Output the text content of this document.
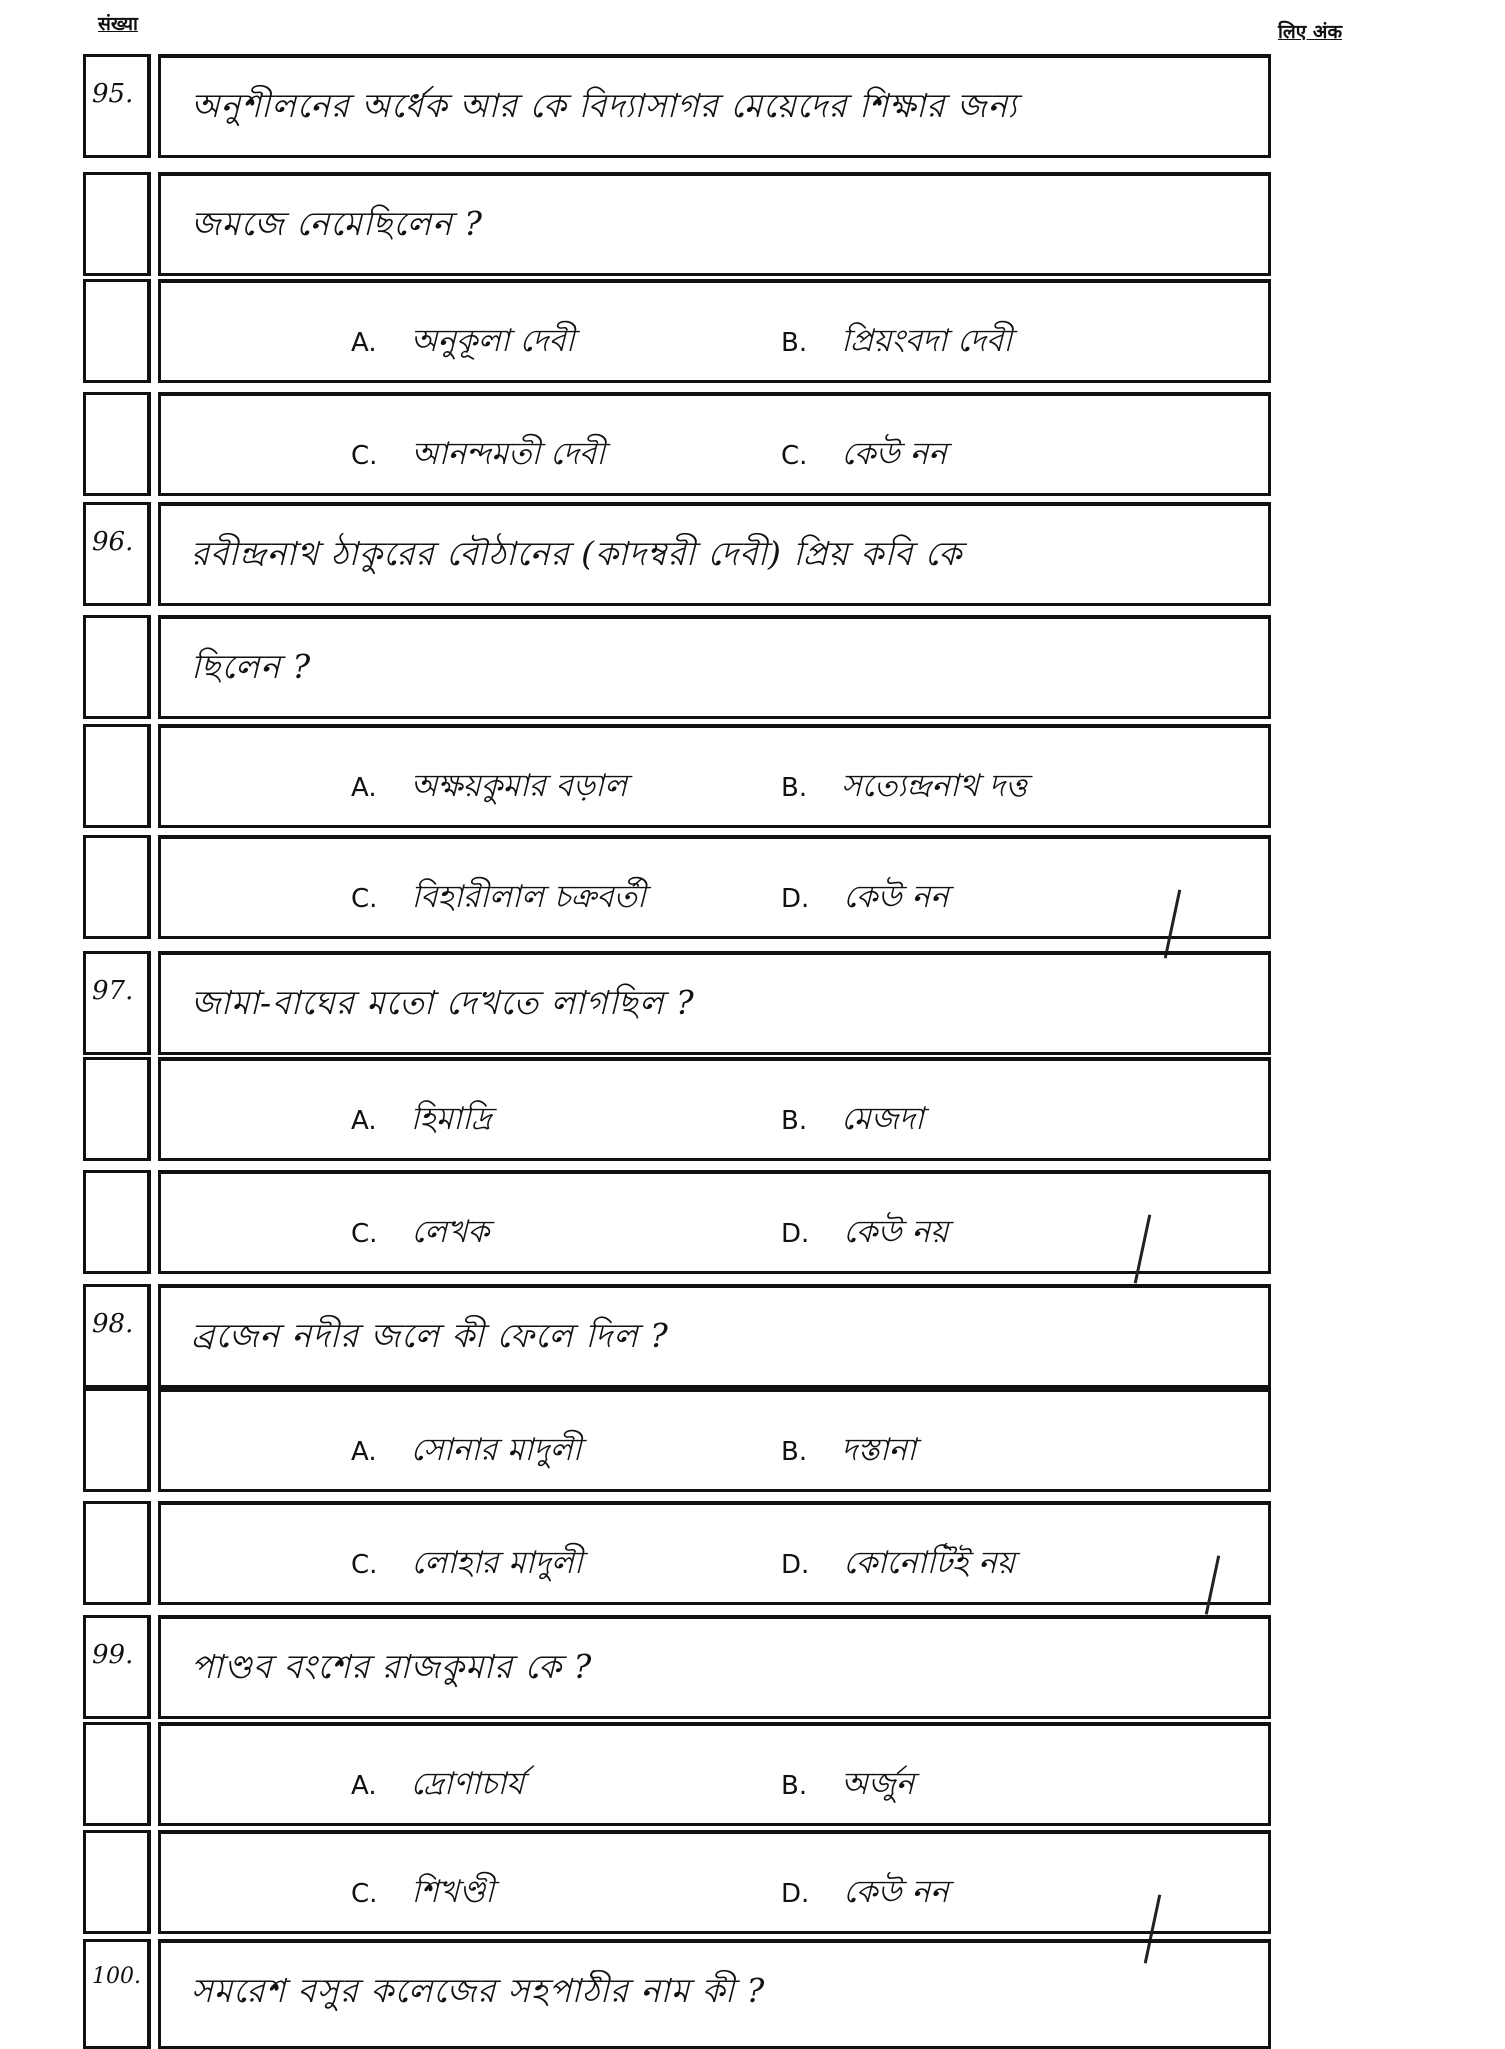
संख्या	लिए अंक
95.	অনুশীলনের অর্ধেক আর কে বিদ্যাসাগর মেয়েদের শিক্ষার জন্য
জমজে নেমেছিলেন ?
A. অনুকূলা দেবী	B. প্রিয়ংবদা দেবী
C. আনন্দমতী দেবী	C. কেউ নন
96.	রবীন্দ্রনাথ ঠাকুরের বৌঠানের (কাদম্বরী দেবী) প্রিয় কবি কে
ছিলেন ?
A. অক্ষয়কুমার বড়াল	B. সত্যেন্দ্রনাথ দত্ত
C. বিহারীলাল চক্রবর্তী	D. কেউ নন
97.	জামা-বাঘের মতো দেখতে লাগছিল ?
A. হিমাদ্রি	B. মেজদা
C. লেখক	D. কেউ নয়
98.	ব্রজেন নদীর জলে কী ফেলে দিল ?
A. সোনার মাদুলী	B. দস্তানা
C. লোহার মাদুলী	D. কোনোটিই নয়
99.	পাণ্ডব বংশের রাজকুমার কে ?
A. দ্রোণাচার্য	B. অর্জুন
C. শিখণ্ডী	D. কেউ নন
100.	সমরেশ বসুর কলেজের সহপাঠীর নাম কী ?
